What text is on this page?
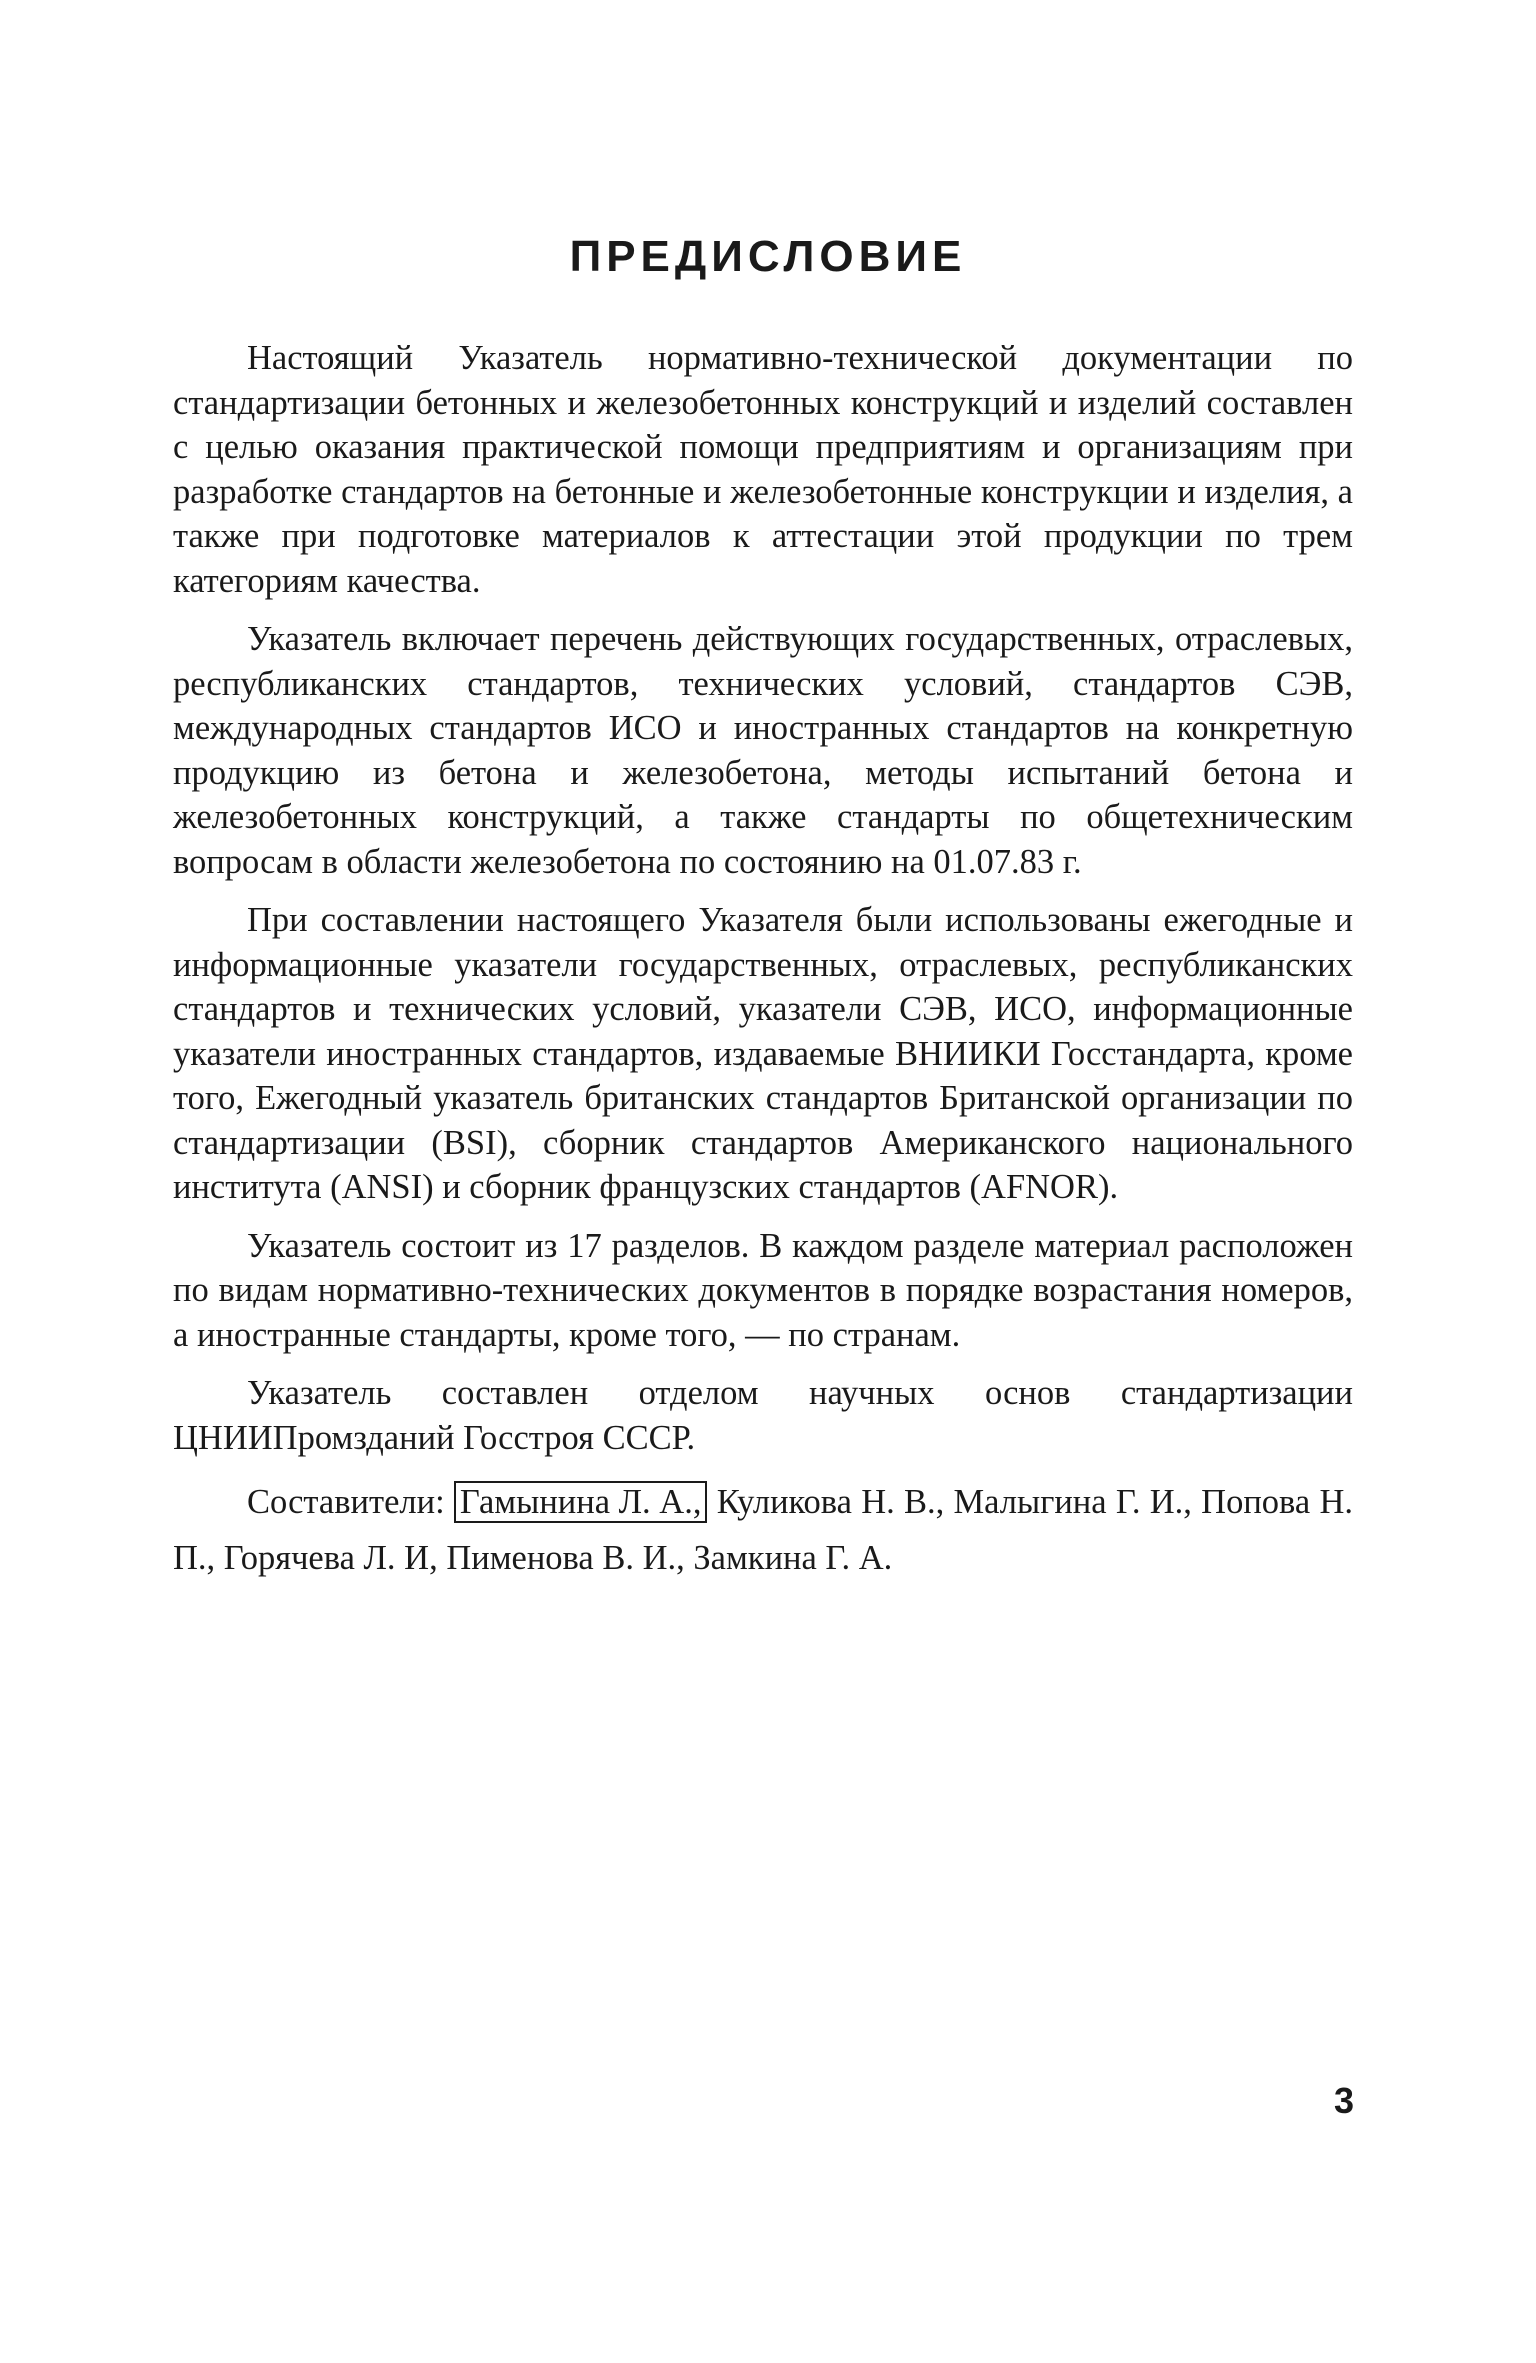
ПРЕДИСЛОВИЕ

Настоящий Указатель нормативно-технической документации по стандартизации бетонных и железобетонных конструкций и изделий составлен с целью оказания практической помощи предприятиям и организациям при разработке стандартов на бетонные и железобетонные конструкции и изделия, а также при подготовке материалов к аттестации этой продукции по трем категориям качества.

Указатель включает перечень действующих государственных, отраслевых, республиканских стандартов, технических условий, стандартов СЭВ, международных стандартов ИСО и иностранных стандартов на конкретную продукцию из бетона и железобетона, методы испытаний бетона и железобетонных конструкций, а также стандарты по общетехническим вопросам в области железобетона по состоянию на 01.07.83 г.

При составлении настоящего Указателя были использованы ежегодные и информационные указатели государственных, отраслевых, республиканских стандартов и технических условий, указатели СЭВ, ИСО, информационные указатели иностранных стандартов, издаваемые ВНИИКИ Госстандарта, кроме того, Ежегодный указатель британских стандартов Британской организации по стандартизации (BSI), сборник стандартов Американского национального института (ANSI) и сборник французских стандартов (AFNOR).

Указатель состоит из 17 разделов. В каждом разделе материал расположен по видам нормативно-технических документов в порядке возрастания номеров, а иностранные стандарты, кроме того, — по странам.

Указатель составлен отделом научных основ стандартизации ЦНИИПромзданий Госстроя СССР.

Составители: Гамынина Л. А., Куликова Н. В., Малыгина Г. И., Попова Н. П., Горячева Л. И, Пименова В. И., Замкина Г. А.

3
